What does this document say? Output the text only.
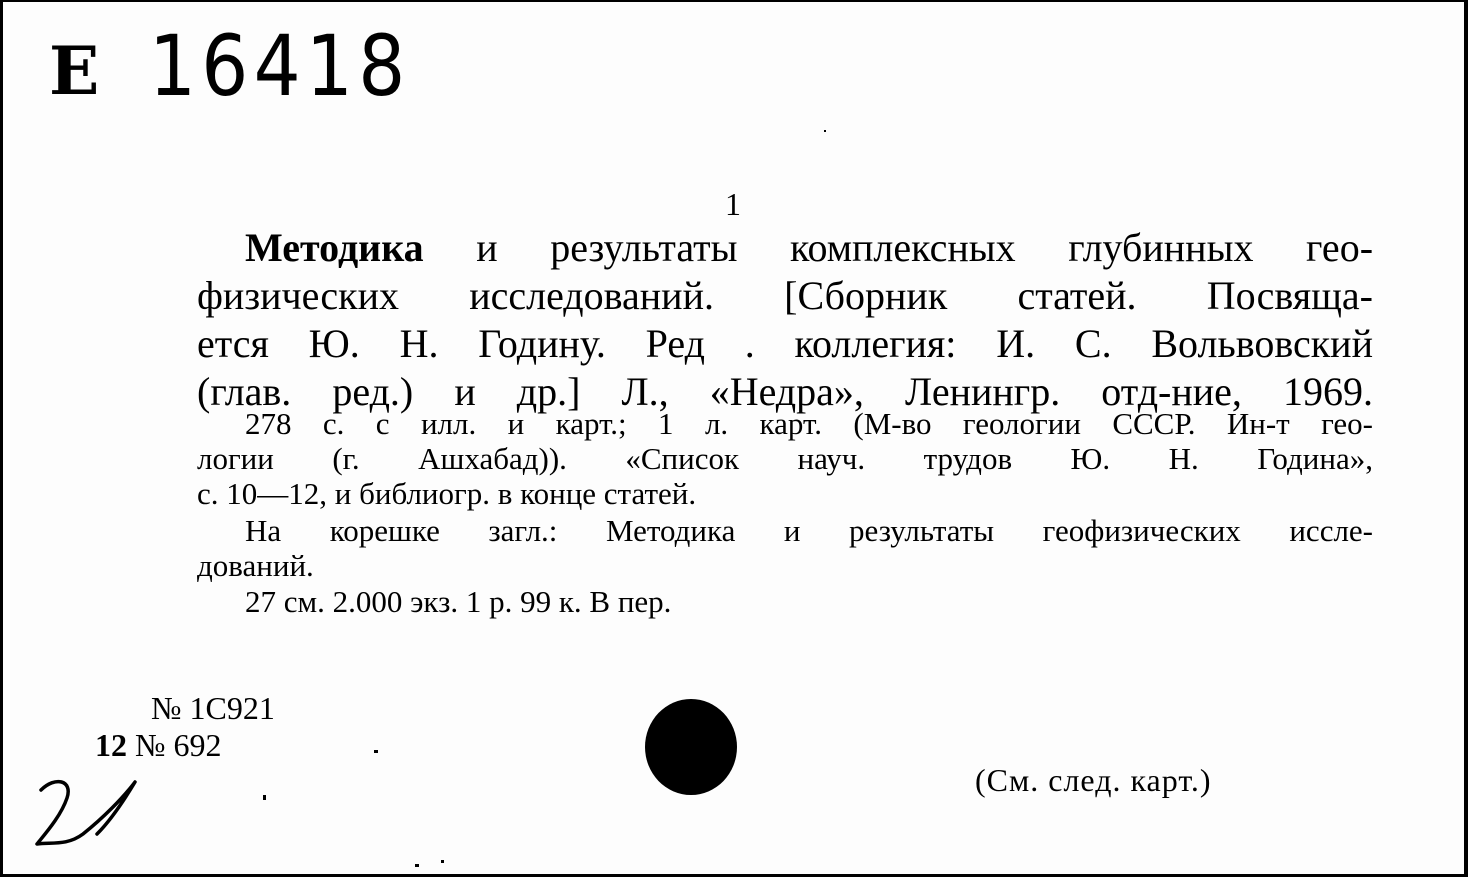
E 16418
1
Методика и результаты комплексных глубинных гео-
физических исследований. [Сборник статей. Посвяща-
ется Ю. Н. Годину. Ред . коллегия: И. С. Вольвовский
(глав. ред.) и др.] Л., «Недра», Ленингр. отд-ние, 1969.
278 с. с илл. и карт.; 1 л. карт. (М-во геологии СССР. Ин-т гео-
логии (г. Ашхабад)). «Список науч. трудов Ю. Н. Година»,
с. 10—12, и библиогр. в конце статей.
На корешке загл.: Методика и результаты геофизических иссле-
дований.
27 см. 2.000 экз. 1 р. 99 к. В пер.
№ 1С921
12 № 692
(См. след. карт.)
